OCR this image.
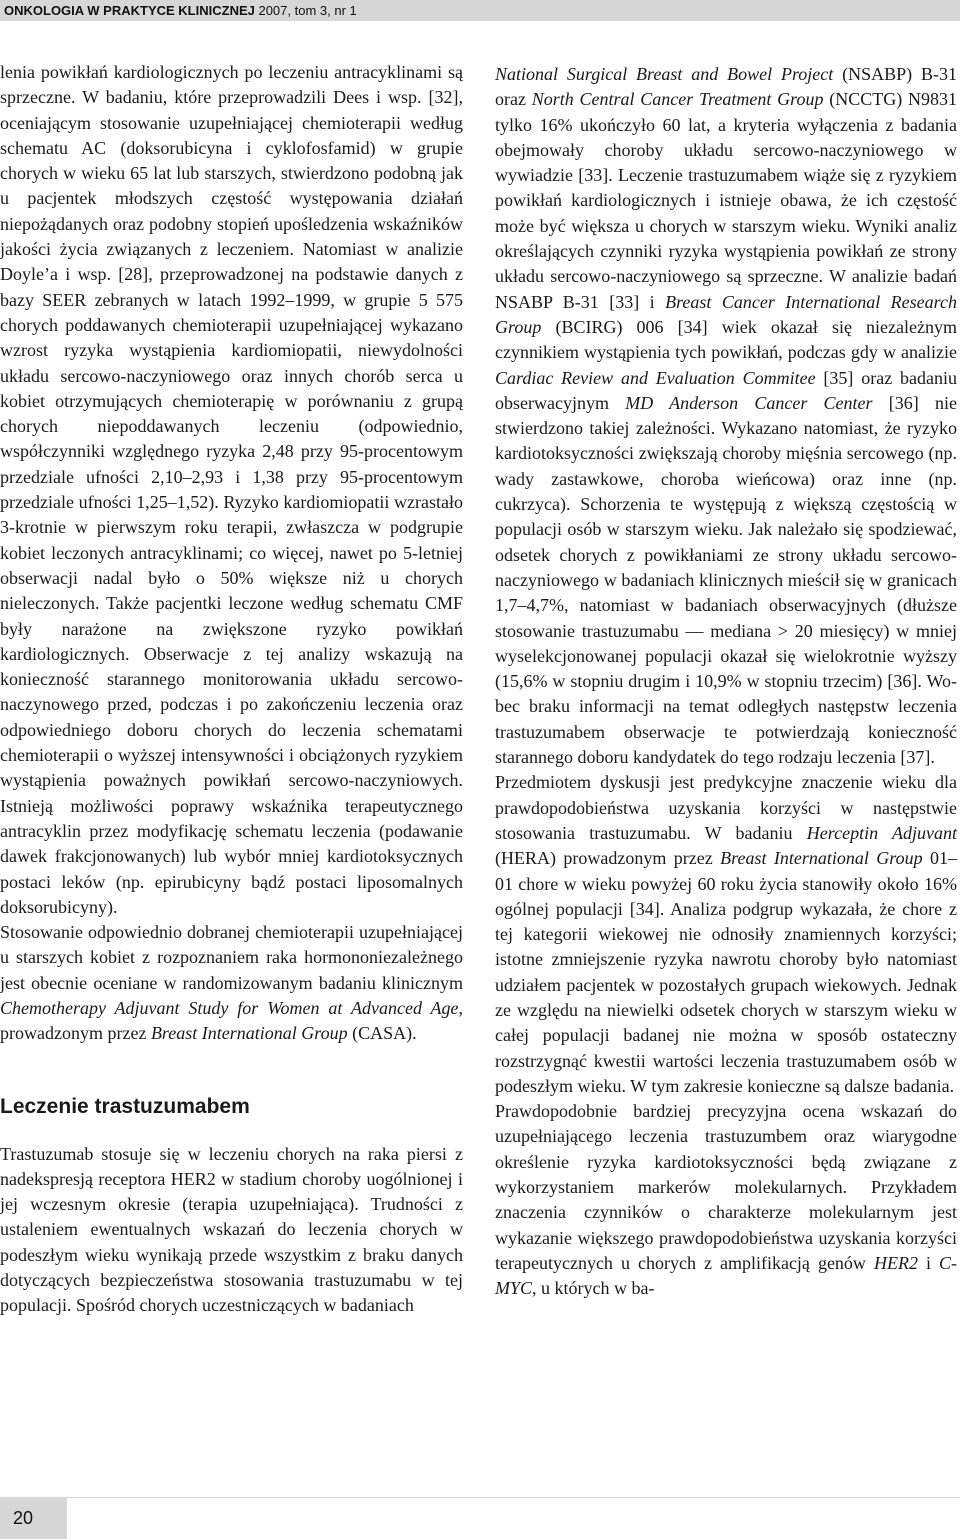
ONKOLOGIA W PRAKTYCE KLINICZNEJ 2007, tom 3, nr 1

lenia powikłań kardiologicznych po leczeniu antracyklinami są sprzeczne. W badaniu, które przeprowadzili Dees i wsp. [32], oceniającym stosowanie uzupełniającej chemioterapii według schematu AC (doksorubicyna i cyklofosfamid) w grupie chorych w wieku 65 lat lub starszych, stwierdzono podobną jak u pacjentek młodszych częstość występowania działań niepożądanych oraz podobny stopień upośledzenia wskaźników jakości życia związanych z leczeniem. Natomiast w analizie Doyle’a i wsp. [28], przeprowadzonej na podstawie danych z bazy SEER zebranych w latach 1992–1999, w grupie 5 575 chorych poddawanych chemioterapii uzupełniającej wykazano wzrost ryzyka wystąpienia kardiomiopatii, niewydolności układu sercowo-naczyniowego oraz innych chorób serca u kobiet otrzymujących chemioterapię w porównaniu z grupą chorych niepoddawanych leczeniu (odpowiednio, współczynniki względnego ryzyka 2,48 przy 95-procentowym przedziale ufności 2,10–2,93 i 1,38 przy 95-procentowym przedziale ufności 1,25–1,52). Ryzyko kardiomiopatii wzrastało 3-krotnie w pierwszym roku terapii, zwłaszcza w podgrupie kobiet leczonych antracyklinami; co więcej, nawet po 5-letniej obserwacji nadal było o 50% większe niż u chorych nieleczonych. Także pacjentki leczone według schematu CMF były narażone na zwiększone ryzyko powikłań kardiologicznych. Obserwacje z tej analizy wskazują na konieczność starannego monitorowania układu sercowo-naczynowego przed, podczas i po zakończeniu leczenia oraz odpowiedniego doboru chorych do leczenia schematami chemioterapii o wyższej intensywności i obciążonych ryzykiem wystąpienia poważnych powikłań sercowo-naczyniowych. Istnieją możliwości poprawy wskaźnika terapeutycznego antracyklin przez modyfikację schematu leczenia (podawanie dawek frakcjonowanych) lub wybór mniej kardiotoksycznych postaci leków (np. epirubicyny bądź postaci liposomalnych doksorubicyny).

Stosowanie odpowiednio dobranej chemioterapii uzupełniającej u starszych kobiet z rozpoznaniem raka hormononiezależnego jest obecnie oceniane w randomizowanym badaniu klinicznym Chemotherapy Adjuvant Study for Women at Advanced Age, prowadzonym przez Breast International Group (CASA).

Leczenie trastuzumabem

Trastuzumab stosuje się w leczeniu chorych na raka piersi z nadekspresją receptora HER2 w stadium choroby uogólnionej i jej wczesnym okresie (terapia uzupełniająca). Trudności z ustaleniem ewentualnych wskazań do leczenia chorych w podeszłym wieku wynikają przede wszystkim z braku danych dotyczących bezpieczeństwa stosowania trastuzumabu w tej populacji. Spośród chorych uczestniczących w badaniach

National Surgical Breast and Bowel Project (NSABP) B-31 oraz North Central Cancer Treatment Group (NCCTG) N9831 tylko 16% ukończyło 60 lat, a kryteria wyłączenia z badania obejmowały choroby układu sercowo-naczyniowego w wywiadzie [33]. Leczenie trastuzumabem wiąże się z ryzykiem powikłań kardiologicznych i istnieje obawa, że ich częstość może być większa u chorych w starszym wieku. Wyniki analiz określających czynniki ryzyka wystąpienia powikłań ze strony układu sercowo-naczyniowego są sprzeczne. W analizie badań NSABP B-31 [33] i Breast Cancer International Research Group (BCIRG) 006 [34] wiek okazał się niezależnym czynnikiem wystąpienia tych powikłań, podczas gdy w analizie Cardiac Review and Evaluation Commitee [35] oraz badaniu obserwacyjnym MD Anderson Cancer Center [36] nie stwierdzono takiej zależności. Wykazano natomiast, że ryzyko kardiotoksyczności zwiększają choroby mięśnia sercowego (np. wady zastawkowe, choroba wieńcowa) oraz inne (np. cukrzyca). Schorzenia te występują z większą częstością w populacji osób w starszym wieku. Jak należało się spodziewać, odsetek chorych z powikłaniami ze strony układu sercowo-naczyniowego w badaniach klinicznych mieścił się w granicach 1,7–4,7%, natomiast w badaniach obserwacyjnych (dłuższe stosowanie trastuzumabu — mediana > 20 miesięcy) w mniej wyselekcjonowanej populacji okazał się wielokrotnie wyższy (15,6% w stopniu drugim i 10,9% w stopniu trzecim) [36]. Wobec braku informacji na temat odległych następstw leczenia trastuzumabem obserwacje te potwierdzają konieczność starannego doboru kandydatek do tego rodzaju leczenia [37].

Przedmiotem dyskusji jest predykcyjne znaczenie wieku dla prawdopodobieństwa uzyskania korzyści w następstwie stosowania trastuzumabu. W badaniu Herceptin Adjuvant (HERA) prowadzonym przez Breast International Group 01–01 chore w wieku powyżej 60 roku życia stanowiły około 16% ogólnej populacji [34]. Analiza podgrup wykazała, że chore z tej kategorii wiekowej nie odnosiły znamiennych korzyści; istotne zmniejszenie ryzyka nawrotu choroby było natomiast udziałem pacjentek w pozostałych grupach wiekowych. Jednak ze względu na niewielki odsetek chorych w starszym wieku w całej populacji badanej nie można w sposób ostateczny rozstrzygnąć kwestii wartości leczenia trastuzumabem osób w podeszłym wieku. W tym zakresie konieczne są dalsze badania.

Prawdopodobnie bardziej precyzyjna ocena wskazań do uzupełniającego leczenia trastuzumbem oraz wiarygodne określenie ryzyka kardiotoksyczności będą związane z wykorzystaniem markerów molekularnych. Przykładem znaczenia czynników o charakterze molekularnym jest wykazanie większego prawdopodobieństwa uzyskania korzyści terapeutycznych u chorych z amplifikacją genów HER2 i C-MYC, u których w ba-

20
